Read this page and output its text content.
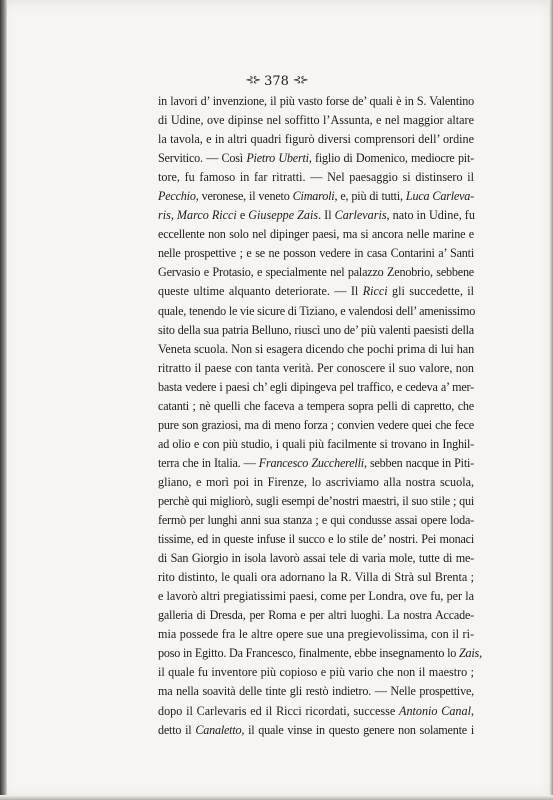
⊰⊱ 378 ⊰⊱
in lavori d’ invenzione, il più vasto forse de’ quali è in S. Valentino
di Udine, ove dipinse nel soffitto l’Assunta, e nel maggior altare
la tavola, e in altri quadri figurò diversi comprensori dell’ ordine
Servitico. — Così Pietro Uberti, figlio di Domenico, mediocre pit-
tore, fu famoso in far ritratti. — Nel paesaggio si distinsero il
Pecchio, veronese, il veneto Cimaroli, e, più di tutti, Luca Carleva-
ris, Marco Ricci e Giuseppe Zais. Il Carlevaris, nato in Udine, fu
eccellente non solo nel dipinger paesi, ma si ancora nelle marine e
nelle prospettive ; e se ne posson vedere in casa Contarini a’ Santi
Gervasio e Protasio, e specialmente nel palazzo Zenobrio, sebbene
queste ultime alquanto deteriorate. — Il Ricci gli succedette, il
quale, tenendo le vie sicure di Tiziano, e valendosi dell’ amenissimo
sito della sua patria Belluno, riuscì uno de’ più valenti paesisti della
Veneta scuola. Non si esagera dicendo che pochi prima di lui han
ritratto il paese con tanta verità. Per conoscere il suo valore, non
basta vedere i paesi ch’ egli dipingeva pel traffico, e cedeva a’ mer-
catanti ; nè quelli che faceva a tempera sopra pelli di capretto, che
pure son graziosi, ma di meno forza ; convien vedere quei che fece
ad olio e con più studio, i quali più facilmente si trovano in Inghil-
terra che in Italia. — Francesco Zuccherelli, sebben nacque in Piti-
gliano, e morì poi in Firenze, lo ascriviamo alla nostra scuola,
perchè qui migliorò, sugli esempi de’nostri maestri, il suo stile ; qui
fermò per lunghi anni sua stanza ; e qui condusse assai opere loda-
tissime, ed in queste infuse il succo e lo stile de’ nostri. Pei monaci
di San Giorgio in isola lavorò assai tele di varia mole, tutte di me-
rito distinto, le quali ora adornano la R. Villa di Strà sul Brenta ;
e lavorò altri pregiatissimi paesi, come per Londra, ove fu, per la
galleria di Dresda, per Roma e per altri luoghi. La nostra Accade-
mia possede fra le altre opere sue una pregievolissima, con il ri-
poso in Egitto. Da Francesco, finalmente, ebbe insegnamento lo Zais,
il quale fu inventore più copioso e più vario che non il maestro ;
ma nella soavità delle tinte gli restò indietro. — Nelle prospettive,
dopo il Carlevaris ed il Ricci ricordati, successe Antonio Canal,
detto il Canaletto, il quale vinse in questo genere non solamente i
